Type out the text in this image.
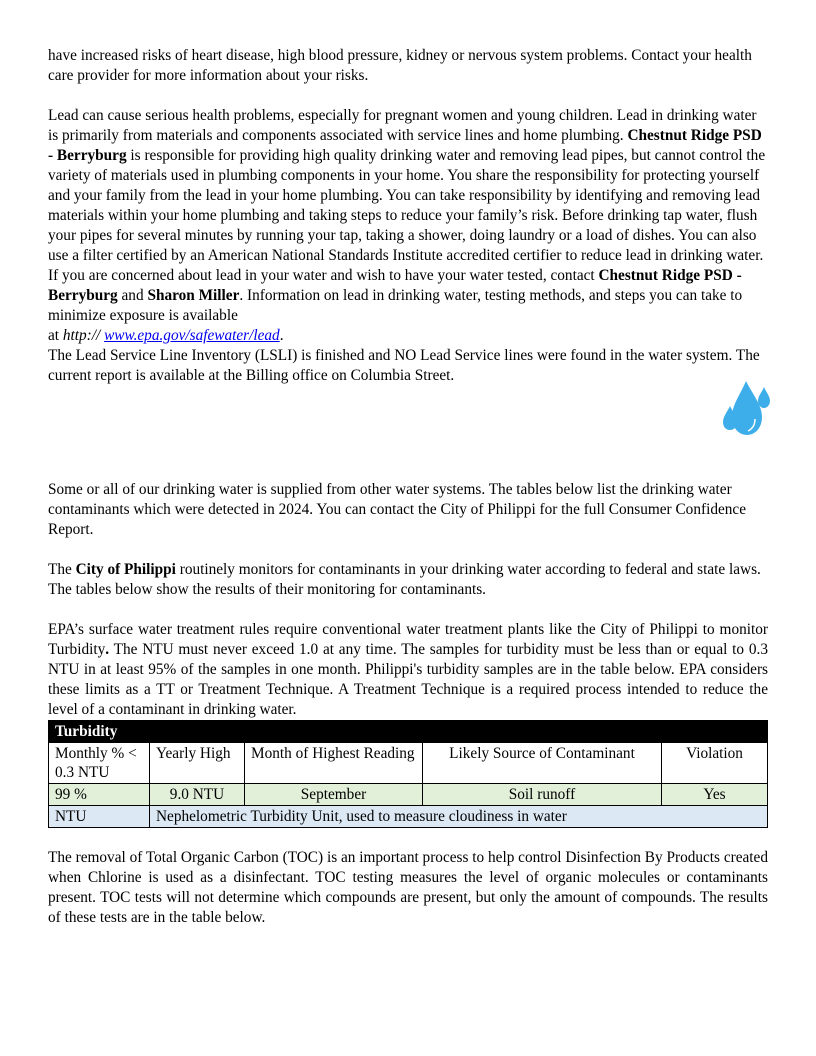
have increased risks of heart disease, high blood pressure, kidney or nervous system problems. Contact your health care provider for more information about your risks.

Lead can cause serious health problems, especially for pregnant women and young children. Lead in drinking water is primarily from materials and components associated with service lines and home plumbing. Chestnut Ridge PSD - Berryburg is responsible for providing high quality drinking water and removing lead pipes, but cannot control the variety of materials used in plumbing components in your home. You share the responsibility for protecting yourself and your family from the lead in your home plumbing. You can take responsibility by identifying and removing lead materials within your home plumbing and taking steps to reduce your family’s risk. Before drinking tap water, flush your pipes for several minutes by running your tap, taking a shower, doing laundry or a load of dishes. You can also use a filter certified by an American National Standards Institute accredited certifier to reduce lead in drinking water. If you are concerned about lead in your water and wish to have your water tested, contact Chestnut Ridge PSD - Berryburg and Sharon Miller. Information on lead in drinking water, testing methods, and steps you can take to minimize exposure is available
at http:// www.epa.gov/safewater/lead.

The Lead Service Line Inventory (LSLI) is finished and NO Lead Service lines were found in the water system. The current report is available at the Billing office on Columbia Street.

Some or all of our drinking water is supplied from other water systems. The tables below list the drinking water contaminants which were detected in 2024. You can contact the City of Philippi for the full Consumer Confidence Report.

The City of Philippi routinely monitors for contaminants in your drinking water according to federal and state laws. The tables below show the results of their monitoring for contaminants.

EPA’s surface water treatment rules require conventional water treatment plants like the City of Philippi to monitor Turbidity. The NTU must never exceed 1.0 at any time. The samples for turbidity must be less than or equal to 0.3 NTU in at least 95% of the samples in one month. Philippi's turbidity samples are in the table below. EPA considers these limits as a TT or Treatment Technique. A Treatment Technique is a required process intended to reduce the level of a contaminant in drinking water.

Turbidity				
Monthly % < 0.3 NTU	Yearly High	Month of Highest Reading	Likely Source of Contaminant	Violation
99 %	9.0 NTU	September	Soil runoff	Yes
NTU	Nephelometric Turbidity Unit, used to measure cloudiness in water			

The removal of Total Organic Carbon (TOC) is an important process to help control Disinfection By Products created when Chlorine is used as a disinfectant. TOC testing measures the level of organic molecules or contaminants present. TOC tests will not determine which compounds are present, but only the amount of compounds. The results of these tests are in the table below.
